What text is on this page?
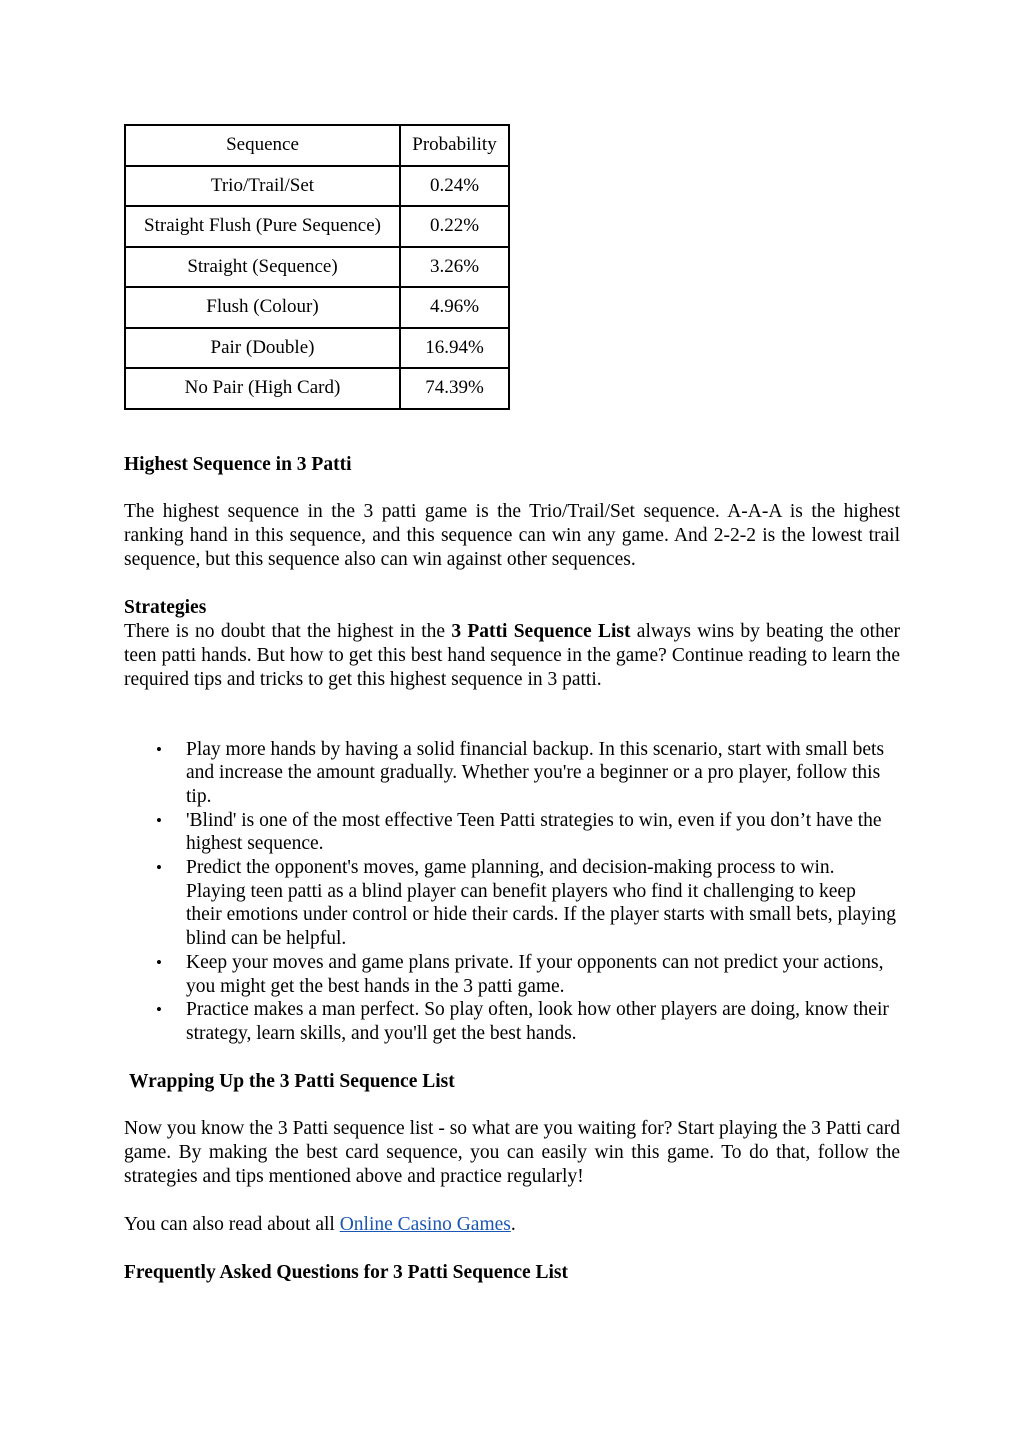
Sequence	Probability
Trio/Trail/Set	0.24%
Straight Flush (Pure Sequence)	0.22%
Straight (Sequence)	3.26%
Flush (Colour)	4.96%
Pair (Double)	16.94%
No Pair (High Card)	74.39%
Highest Sequence in 3 Patti

The highest sequence in the 3 patti game is the Trio/Trail/Set sequence. A-A-A is the highest ranking hand in this sequence, and this sequence can win any game. And 2-2-2 is the lowest trail sequence, but this sequence also can win against other sequences.

Strategies

There is no doubt that the highest in the 3 Patti Sequence List always wins by beating the other teen patti hands. But how to get this best hand sequence in the game? Continue reading to learn the required tips and tricks to get this highest sequence in 3 patti.

• Play more hands by having a solid financial backup. In this scenario, start with small bets and increase the amount gradually. Whether you're a beginner or a pro player, follow this tip.
• 'Blind' is one of the most effective Teen Patti strategies to win, even if you don’t have the highest sequence.
• Predict the opponent's moves, game planning, and decision-making process to win. Playing teen patti as a blind player can benefit players who find it challenging to keep their emotions under control or hide their cards. If the player starts with small bets, playing blind can be helpful.
• Keep your moves and game plans private. If your opponents can not predict your actions, you might get the best hands in the 3 patti game.
• Practice makes a man perfect. So play often, look how other players are doing, know their strategy, learn skills, and you'll get the best hands.
Wrapping Up the 3 Patti Sequence List

Now you know the 3 Patti sequence list - so what are you waiting for? Start playing the 3 Patti card game. By making the best card sequence, you can easily win this game. To do that, follow the strategies and tips mentioned above and practice regularly!

You can also read about all Online Casino Games.

Frequently Asked Questions for 3 Patti Sequence List
